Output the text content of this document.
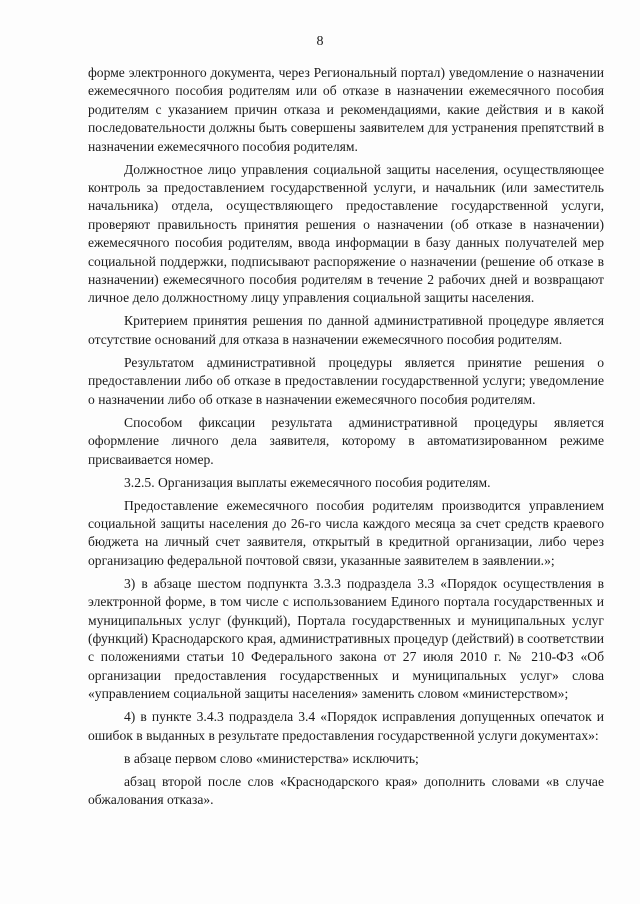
8

форме электронного документа, через Региональный портал) уведомление о назначении ежемесячного пособия родителям или об отказе в назначении ежемесячного пособия родителям с указанием причин отказа и рекомендациями, какие действия и в какой последовательности должны быть совершены заявителем для устранения препятствий в назначении ежемесячного пособия родителям.

Должностное лицо управления социальной защиты населения, осуществляющее контроль за предоставлением государственной услуги, и начальник (или заместитель начальника) отдела, осуществляющего предоставление государственной услуги, проверяют правильность принятия решения о назначении (об отказе в назначении) ежемесячного пособия родителям, ввода информации в базу данных получателей мер социальной поддержки, подписывают распоряжение о назначении (решение об отказе в назначении) ежемесячного пособия родителям в течение 2 рабочих дней и возвращают личное дело должностному лицу управления социальной защиты населения.

Критерием принятия решения по данной административной процедуре является отсутствие оснований для отказа в назначении ежемесячного пособия родителям.

Результатом административной процедуры является принятие решения о предоставлении либо об отказе в предоставлении государственной услуги; уведомление о назначении либо об отказе в назначении ежемесячного пособия родителям.

Способом фиксации результата административной процедуры является оформление личного дела заявителя, которому в автоматизированном режиме присваивается номер.

3.2.5. Организация выплаты ежемесячного пособия родителям.

Предоставление ежемесячного пособия родителям производится управлением социальной защиты населения до 26-го числа каждого месяца за счет средств краевого бюджета на личный счет заявителя, открытый в кредитной организации, либо через организацию федеральной почтовой связи, указанные заявителем в заявлении.»;

3) в абзаце шестом подпункта 3.3.3 подраздела 3.3 «Порядок осуществления в электронной форме, в том числе с использованием Единого портала государственных и муниципальных услуг (функций), Портала государственных и муниципальных услуг (функций) Краснодарского края, административных процедур (действий) в соответствии с положениями статьи 10 Федерального закона от 27 июля 2010 г. № 210-ФЗ «Об организации предоставления государственных и муниципальных услуг» слова «управлением социальной защиты населения» заменить словом «министерством»;

4) в пункте 3.4.3 подраздела 3.4 «Порядок исправления допущенных опечаток и ошибок в выданных в результате предоставления государственной услуги документах»:

в абзаце первом слово «министерства» исключить;

абзац второй после слов «Краснодарского края» дополнить словами «в случае обжалования отказа».
